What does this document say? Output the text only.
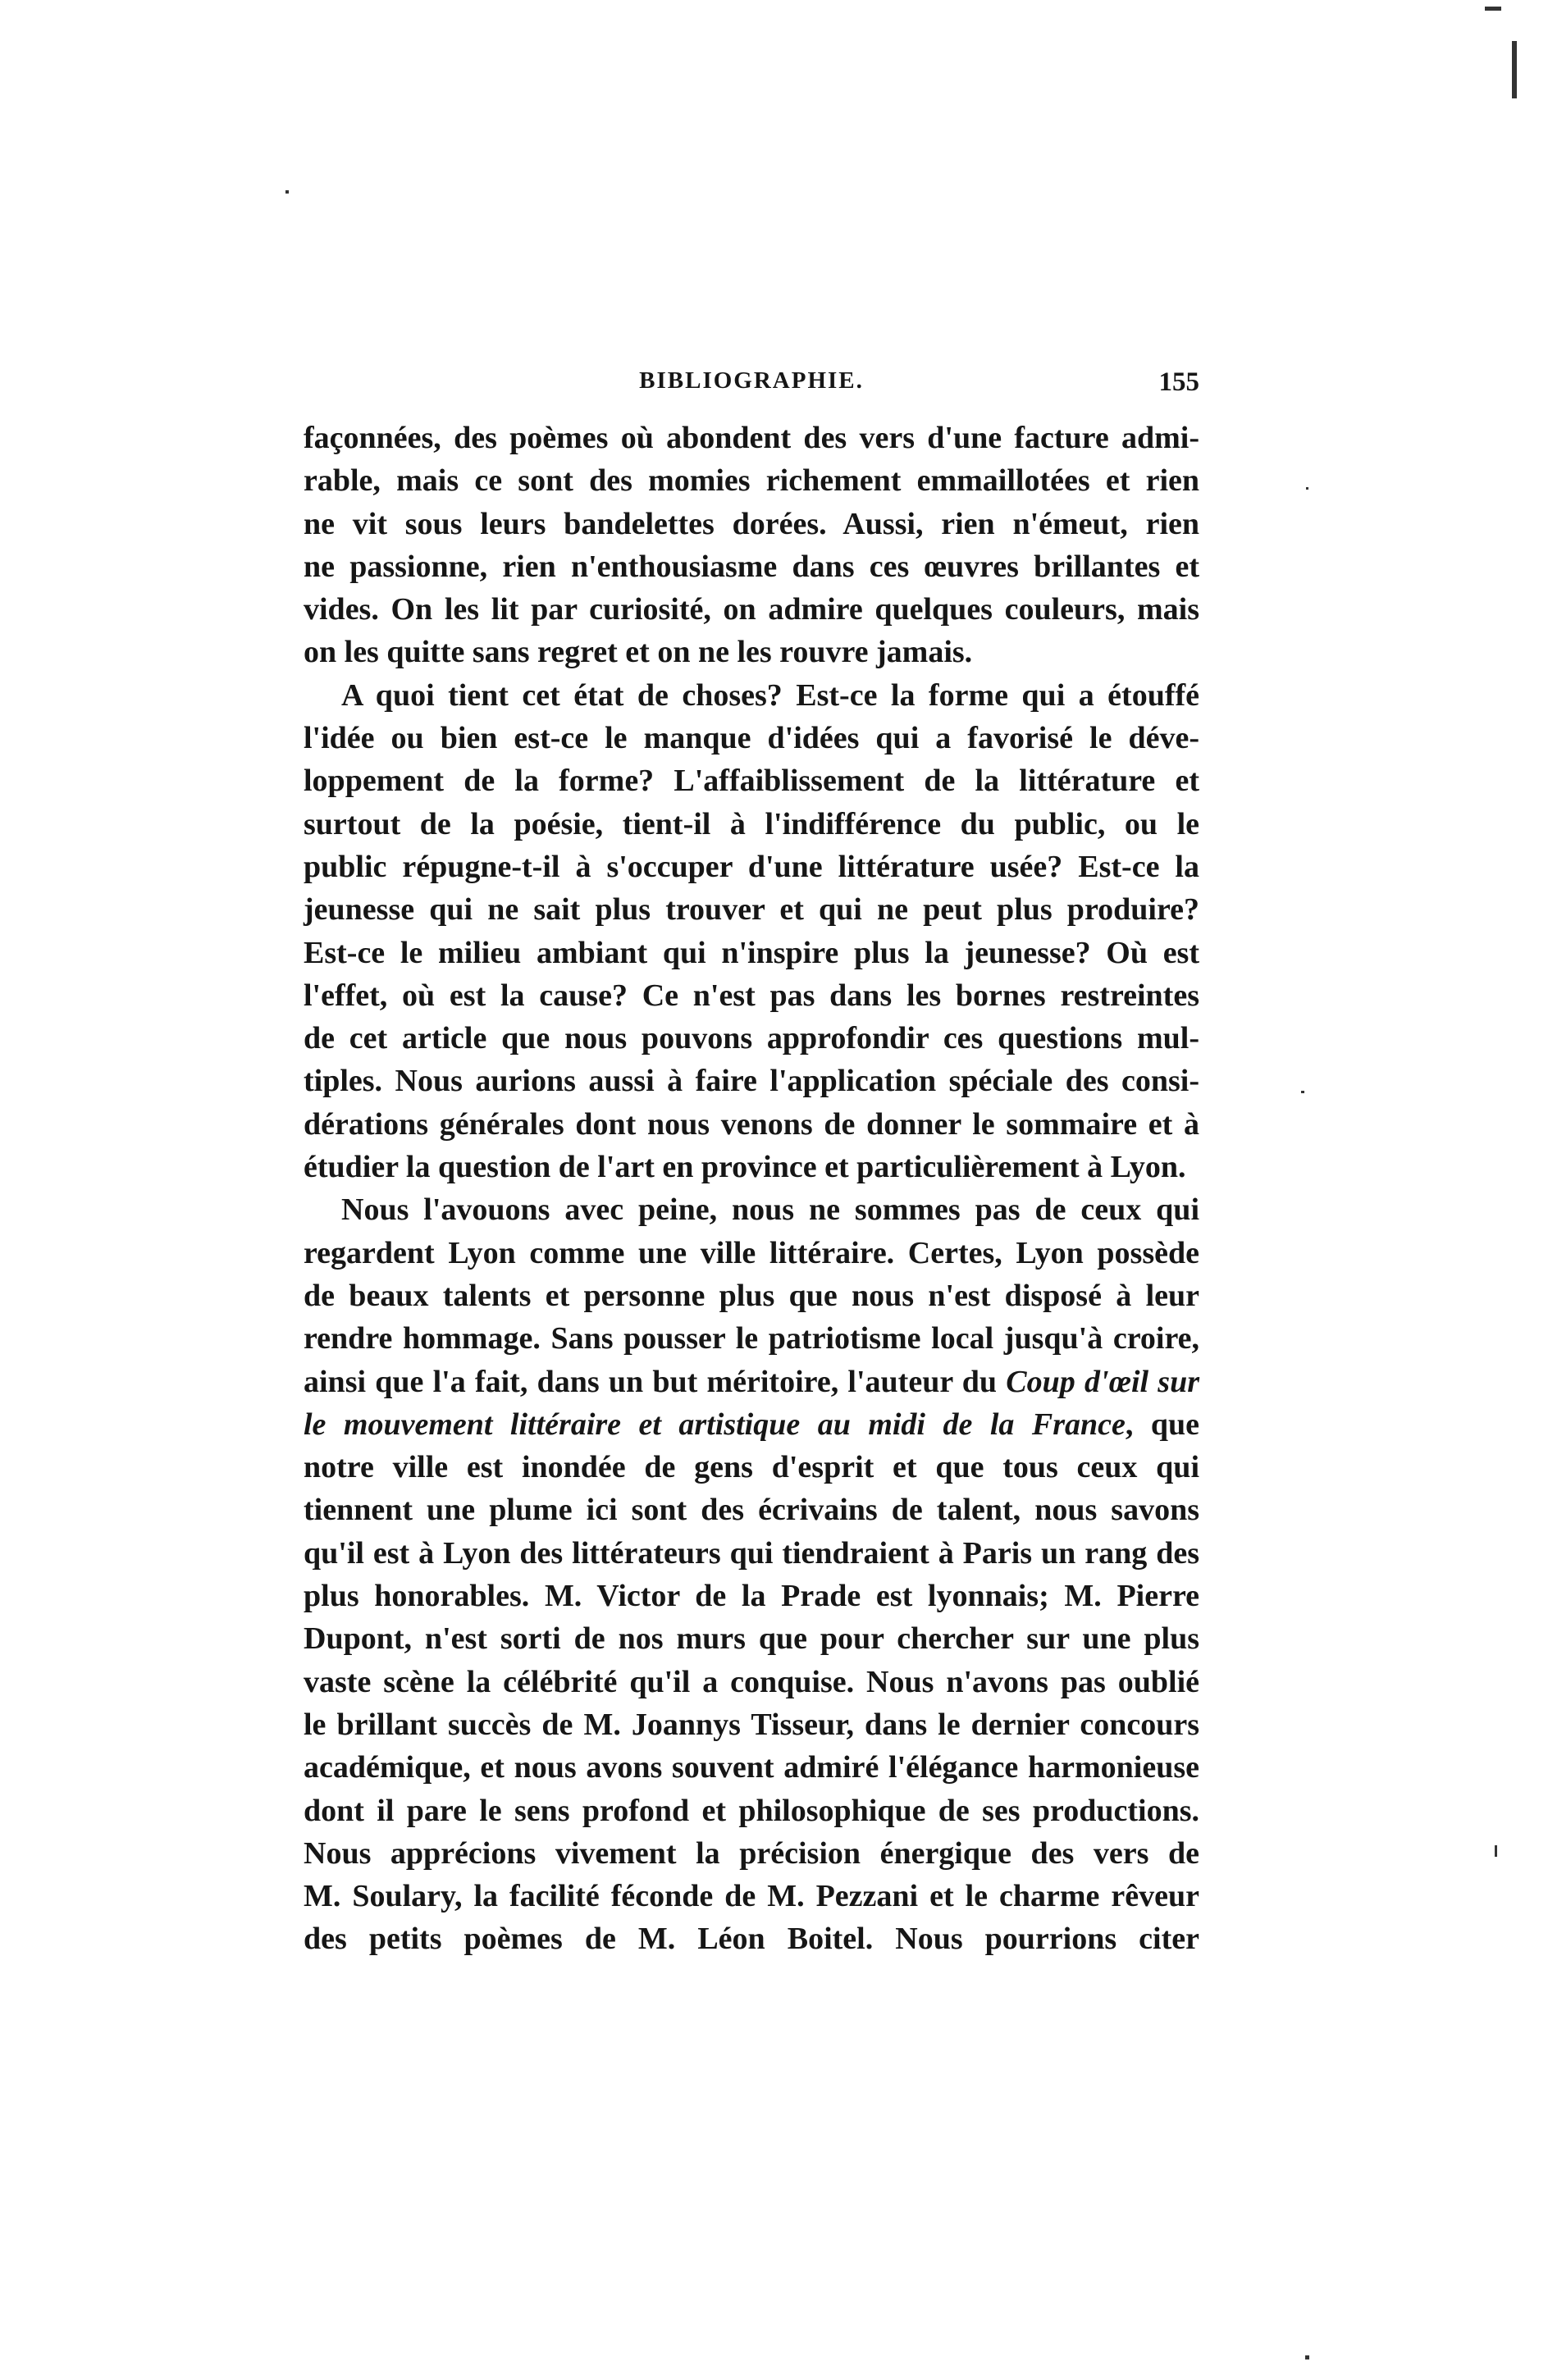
BIBLIOGRAPHIE.	155
façonnées, des poèmes où abondent des vers d'une facture admi-
rable, mais ce sont des momies richement emmaillotées et rien
ne vit sous leurs bandelettes dorées. Aussi, rien n'émeut, rien
ne passionne, rien n'enthousiasme dans ces œuvres brillantes et
vides. On les lit par curiosité, on admire quelques couleurs, mais
on les quitte sans regret et on ne les rouvre jamais.
A quoi tient cet état de choses? Est-ce la forme qui a étouffé
l'idée ou bien est-ce le manque d'idées qui a favorisé le déve-
loppement de la forme? L'affaiblissement de la littérature et
surtout de la poésie, tient-il à l'indifférence du public, ou le
public répugne-t-il à s'occuper d'une littérature usée? Est-ce la
jeunesse qui ne sait plus trouver et qui ne peut plus produire?
Est-ce le milieu ambiant qui n'inspire plus la jeunesse? Où est
l'effet, où est la cause? Ce n'est pas dans les bornes restreintes
de cet article que nous pouvons approfondir ces questions mul-
tiples. Nous aurions aussi à faire l'application spéciale des consi-
dérations générales dont nous venons de donner le sommaire et à
étudier la question de l'art en province et particulièrement à Lyon.
Nous l'avouons avec peine, nous ne sommes pas de ceux qui
regardent Lyon comme une ville littéraire. Certes, Lyon possède
de beaux talents et personne plus que nous n'est disposé à leur
rendre hommage. Sans pousser le patriotisme local jusqu'à croire,
ainsi que l'a fait, dans un but méritoire, l'auteur du Coup d'œil sur
le mouvement littéraire et artistique au midi de la France, que
notre ville est inondée de gens d'esprit et que tous ceux qui
tiennent une plume ici sont des écrivains de talent, nous savons
qu'il est à Lyon des littérateurs qui tiendraient à Paris un rang des
plus honorables. M. Victor de la Prade est lyonnais; M. Pierre
Dupont, n'est sorti de nos murs que pour chercher sur une plus
vaste scène la célébrité qu'il a conquise. Nous n'avons pas oublié
le brillant succès de M. Joannys Tisseur, dans le dernier concours
académique, et nous avons souvent admiré l'élégance harmonieuse
dont il pare le sens profond et philosophique de ses productions.
Nous apprécions vivement la précision énergique des vers de
M. Soulary, la facilité féconde de M. Pezzani et le charme rêveur
des petits poèmes de M. Léon Boitel. Nous pourrions citer
